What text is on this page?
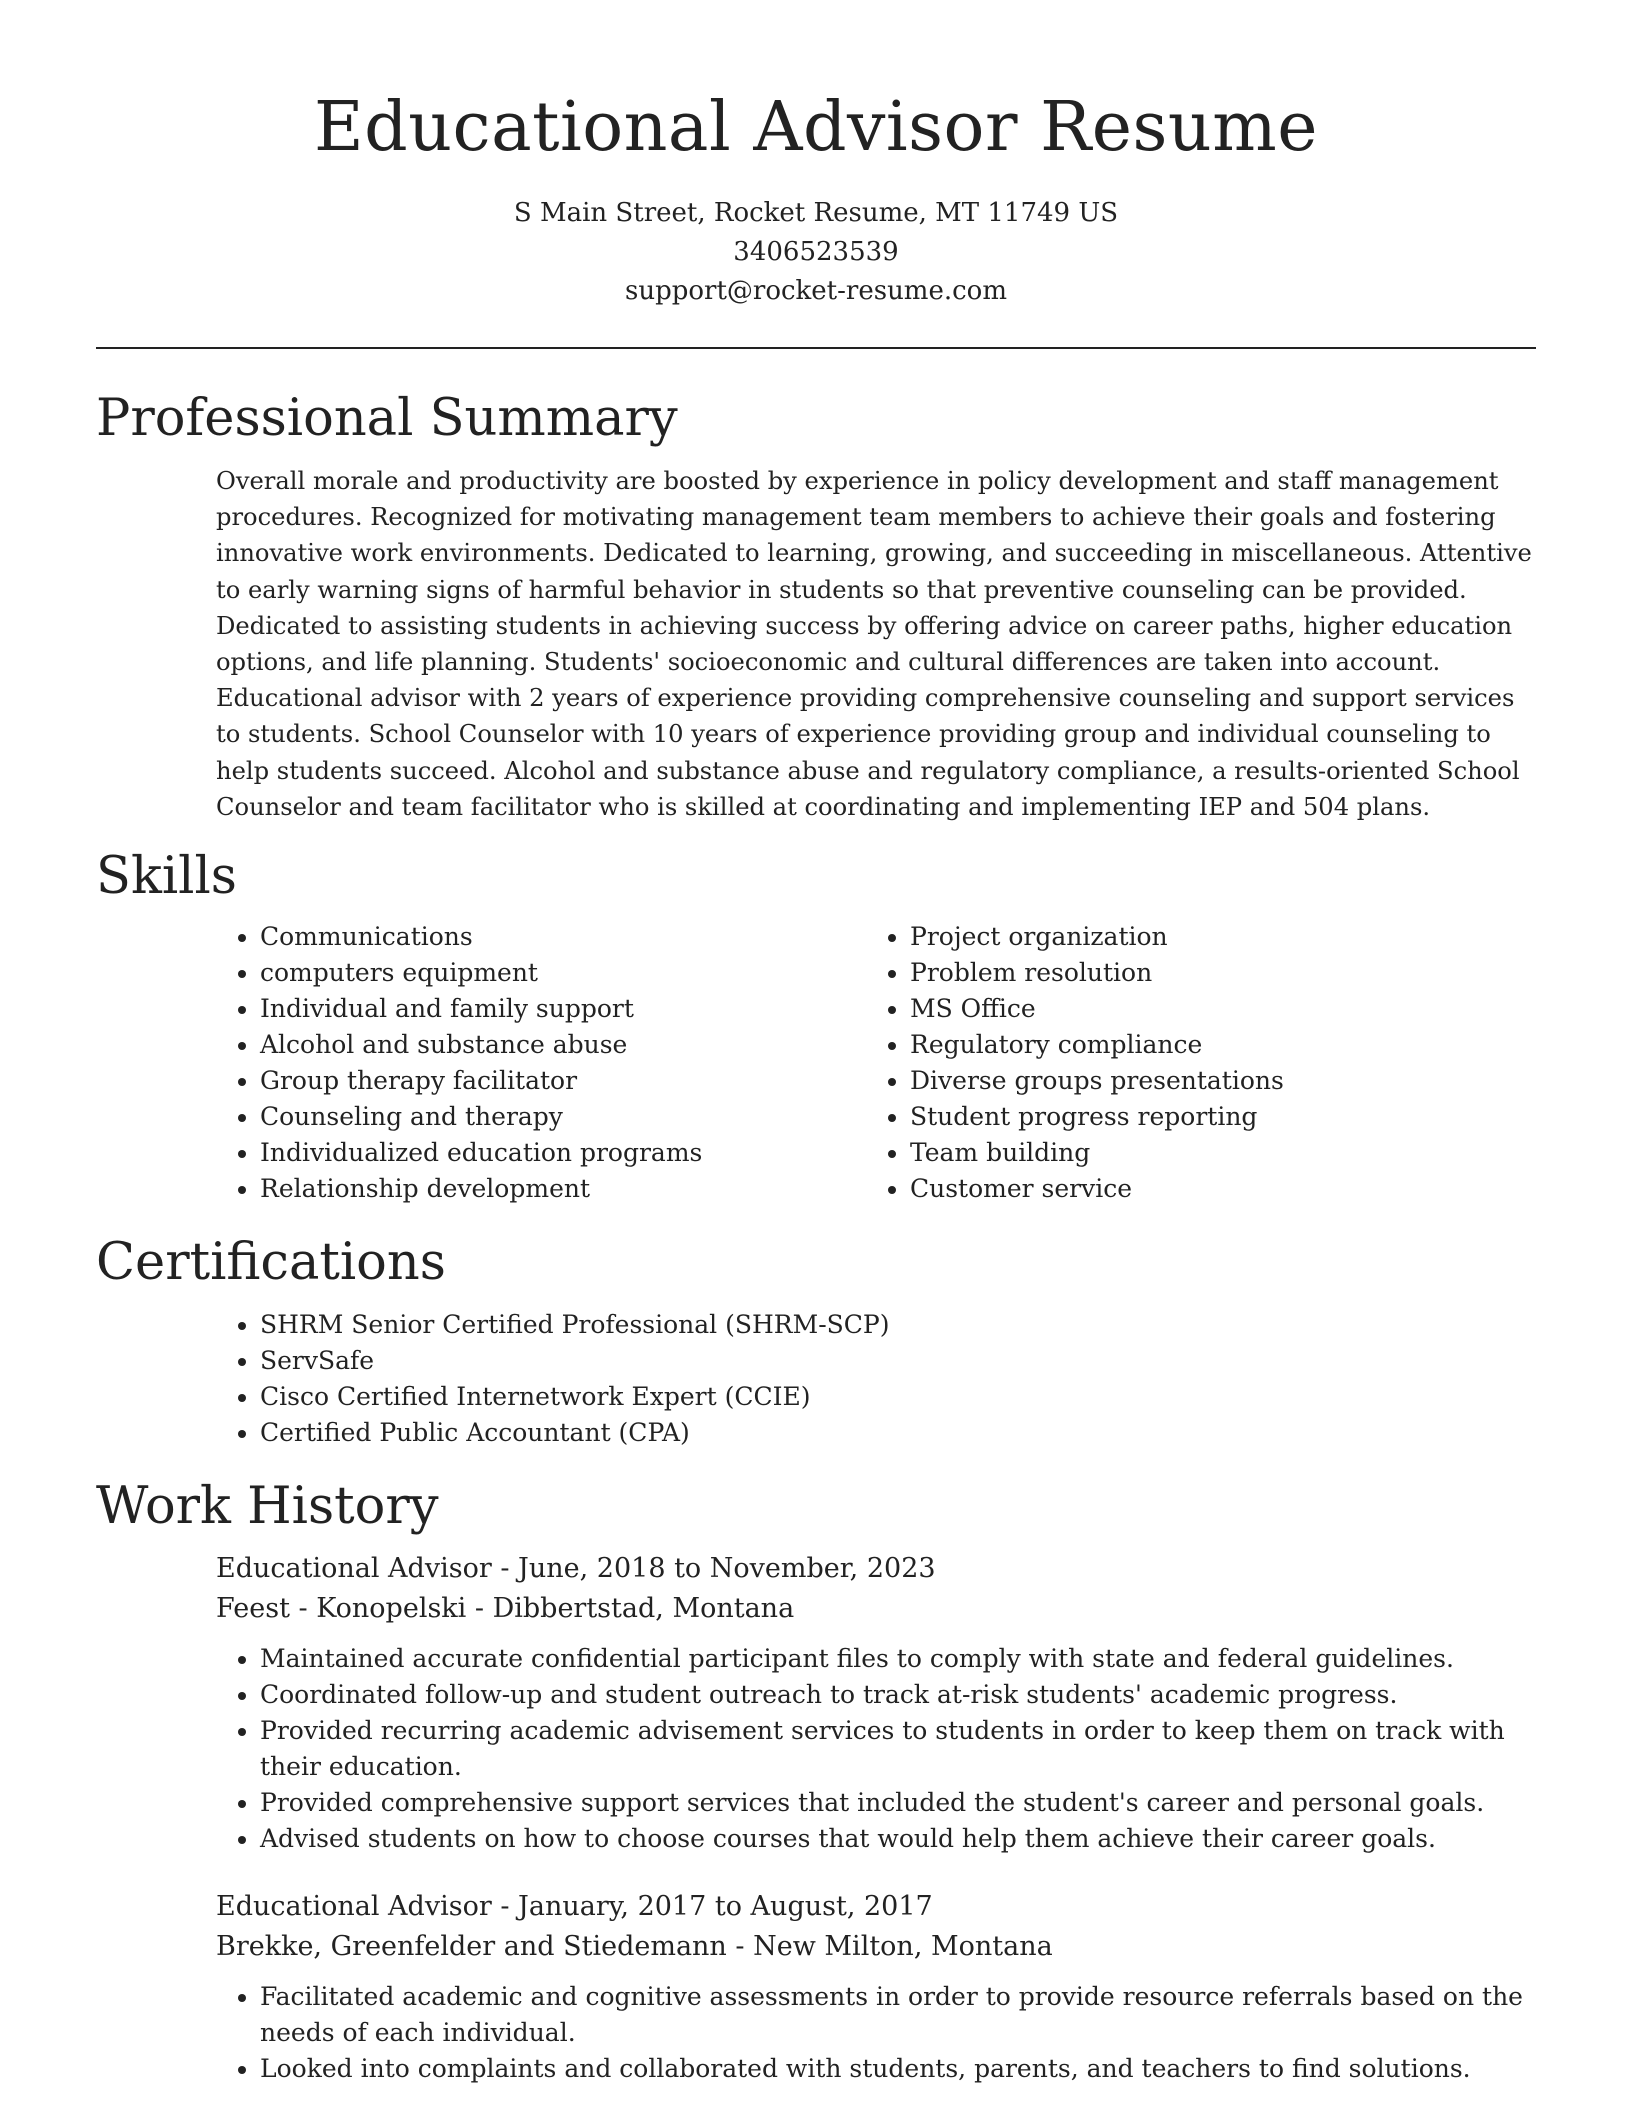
Educational Advisor Resume
S Main Street, Rocket Resume, MT 11749 US
3406523539
support@rocket-resume.com
Professional Summary
Overall morale and productivity are boosted by experience in policy development and staff management procedures. Recognized for motivating management team members to achieve their goals and fostering innovative work environments. Dedicated to learning, growing, and succeeding in miscellaneous. Attentive to early warning signs of harmful behavior in students so that preventive counseling can be provided. Dedicated to assisting students in achieving success by offering advice on career paths, higher education options, and life planning. Students' socioeconomic and cultural differences are taken into account. Educational advisor with 2 years of experience providing comprehensive counseling and support services to students. School Counselor with 10 years of experience providing group and individual counseling to help students succeed. Alcohol and substance abuse and regulatory compliance, a results-oriented School Counselor and team facilitator who is skilled at coordinating and implementing IEP and 504 plans.
Skills
• Communications
• computers equipment
• Individual and family support
• Alcohol and substance abuse
• Group therapy facilitator
• Counseling and therapy
• Individualized education programs
• Relationship development
• Project organization
• Problem resolution
• MS Office
• Regulatory compliance
• Diverse groups presentations
• Student progress reporting
• Team building
• Customer service
Certifications
• SHRM Senior Certified Professional (SHRM-SCP)
• ServSafe
• Cisco Certified Internetwork Expert (CCIE)
• Certified Public Accountant (CPA)
Work History
Educational Advisor - June, 2018 to November, 2023
Feest - Konopelski - Dibbertstad, Montana
• Maintained accurate confidential participant files to comply with state and federal guidelines.
• Coordinated follow-up and student outreach to track at-risk students' academic progress.
• Provided recurring academic advisement services to students in order to keep them on track with their education.
• Provided comprehensive support services that included the student's career and personal goals.
• Advised students on how to choose courses that would help them achieve their career goals.
Educational Advisor - January, 2017 to August, 2017
Brekke, Greenfelder and Stiedemann - New Milton, Montana
• Facilitated academic and cognitive assessments in order to provide resource referrals based on the needs of each individual.
• Looked into complaints and collaborated with students, parents, and teachers to find solutions.
